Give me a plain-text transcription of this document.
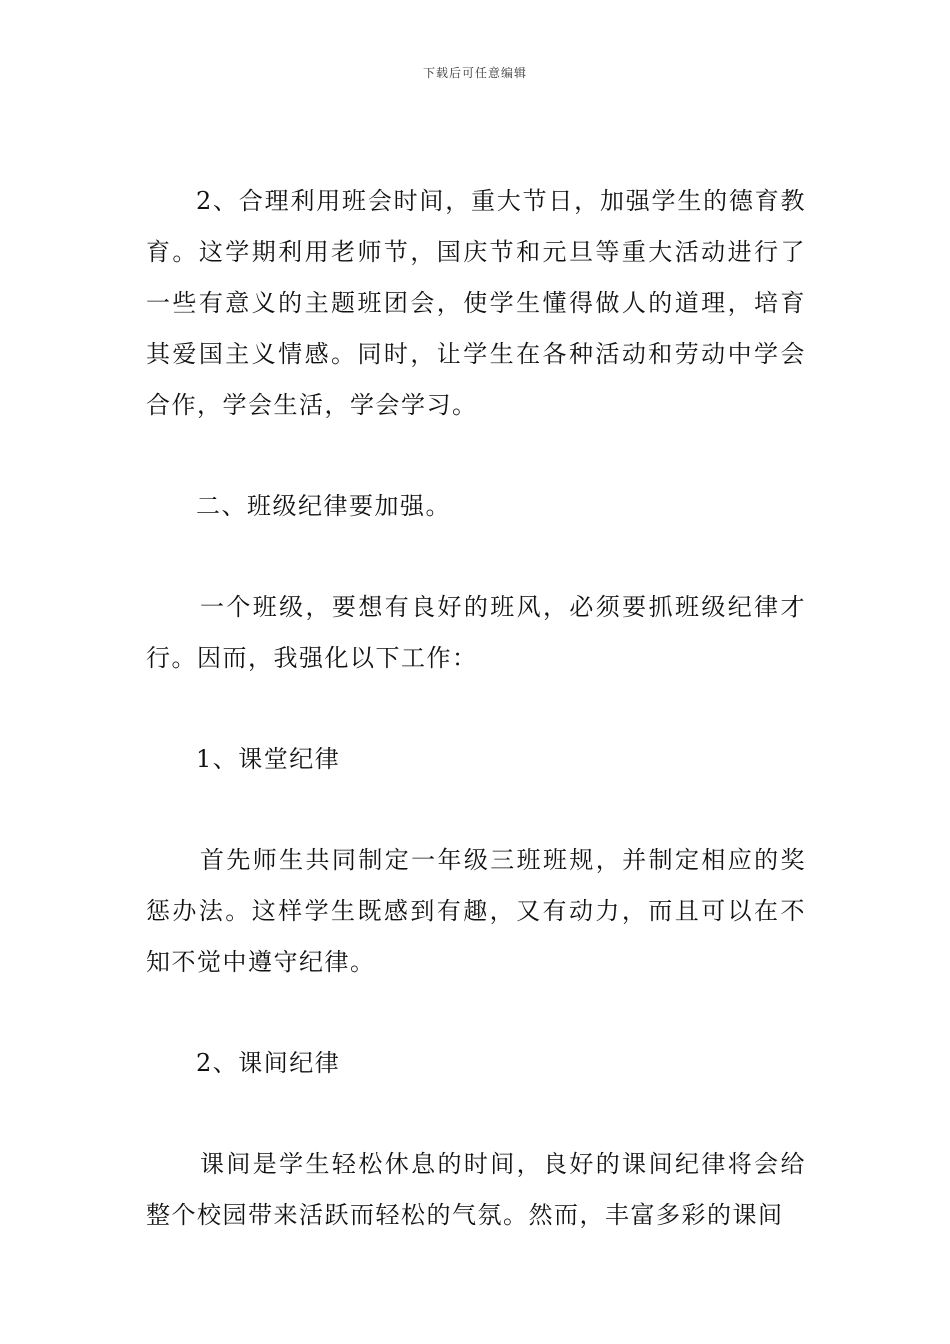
下载后可任意编辑

2、合理利用班会时间，重大节日，加强学生的德育教育。这学期利用老师节，国庆节和元旦等重大活动进行了一些有意义的主题班团会，使学生懂得做人的道理，培育其爱国主义情感。同时，让学生在各种活动和劳动中学会合作，学会生活，学会学习。

二、班级纪律要加强。

一个班级，要想有良好的班风，必须要抓班级纪律才行。因而，我强化以下工作：

1、课堂纪律

首先师生共同制定一年级三班班规，并制定相应的奖惩办法。这样学生既感到有趣，又有动力，而且可以在不知不觉中遵守纪律。

2、课间纪律

课间是学生轻松休息的时间，良好的课间纪律将会给整个校园带来活跃而轻松的气氛。然而，丰富多彩的课间
